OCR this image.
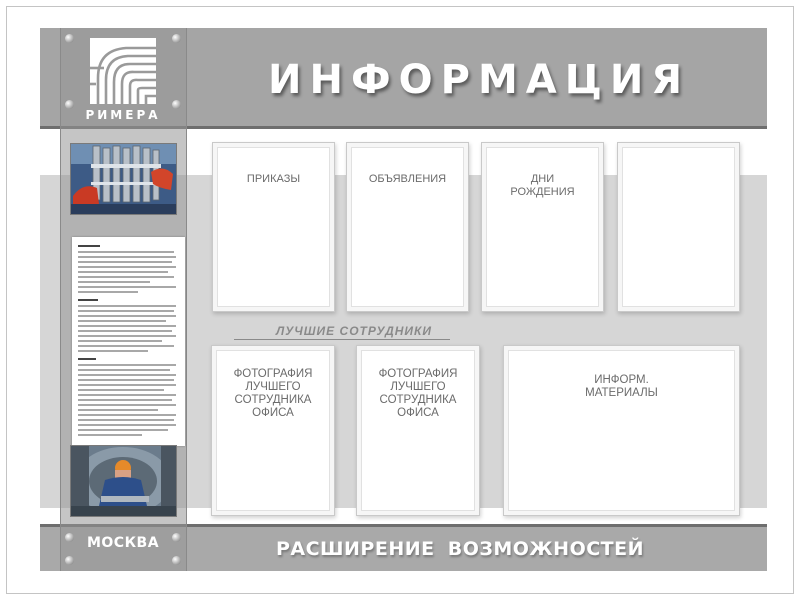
ИНФОРМАЦИЯ
РАСШИРЕНИЕ ВОЗМОЖНОСТЕЙ
РИМЕРА
МОСКВА
ПРИКАЗЫ	ОБЪЯВЛЕНИЯ	ДНИ
РОЖДЕНИЯ
ЛУЧШИЕ СОТРУДНИКИ
ФОТОГРАФИЯ
ЛУЧШЕГО
СОТРУДНИКА
ОФИСА
ФОТОГРАФИЯ
ЛУЧШЕГО
СОТРУДНИКА
ОФИСА
ИНФОРМ.
МАТЕРИАЛЫ
